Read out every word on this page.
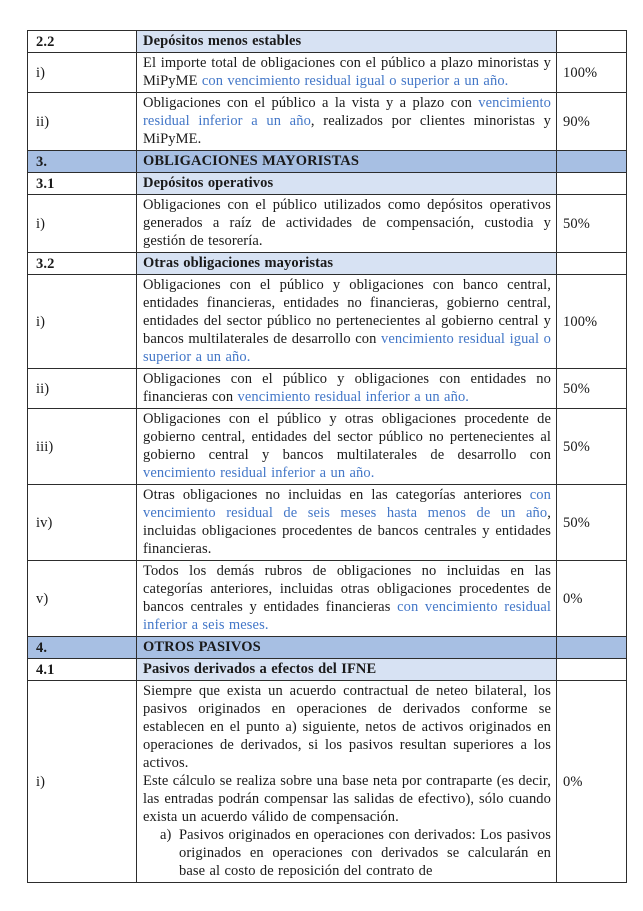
2.2	Depósitos menos estables	

i)	El importe total de obligaciones con el público a plazo minoristas y MiPyME con vencimiento residual igual o superior a un año.	100%
ii)	Obligaciones con el público a la vista y a plazo con vencimiento residual inferior a un año, realizados por clientes minoristas y MiPyME.	90%
3.	OBLIGACIONES MAYORISTAS	

3.1	Depósitos operativos	

i)	Obligaciones con el público utilizados como depósitos operativos generados a raíz de actividades de compensación, custodia y gestión de tesorería.	50%
3.2	Otras obligaciones mayoristas	

i)	Obligaciones con el público y obligaciones con banco central, entidades financieras, entidades no financieras, gobierno central, entidades del sector público no pertenecientes al gobierno central y bancos multilaterales de desarrollo con vencimiento residual igual o superior a un año.	100%
ii)	Obligaciones con el público y obligaciones con entidades no financieras con vencimiento residual inferior a un año.	50%
iii)	Obligaciones con el público y otras obligaciones procedente de gobierno central, entidades del sector público no pertenecientes al gobierno central y bancos multilaterales de desarrollo con vencimiento residual inferior a un año.	50%
iv)	Otras obligaciones no incluidas en las categorías anteriores con vencimiento residual de seis meses hasta menos de un año, incluidas obligaciones procedentes de bancos centrales y entidades financieras.	50%
v)	Todos los demás rubros de obligaciones no incluidas en las categorías anteriores, incluidas otras obligaciones procedentes de bancos centrales y entidades financieras con vencimiento residual inferior a seis meses.	0%
4.	OTROS PASIVOS	

4.1	Pasivos derivados a efectos del IFNE	

i)	Siempre que exista un acuerdo contractual de neteo bilateral, los pasivos originados en operaciones de derivados conforme se establecen en el punto a) siguiente, netos de activos originados en operaciones de derivados, si los pasivos resultan superiores a los activos.
Este cálculo se realiza sobre una base neta por contraparte (es decir, las entradas podrán compensar las salidas de efectivo), sólo cuando exista un acuerdo válido de compensación.
a) Pasivos originados en operaciones con derivados: Los pasivos originados en operaciones con derivados se calcularán en base al costo de reposición del contrato de	0%
